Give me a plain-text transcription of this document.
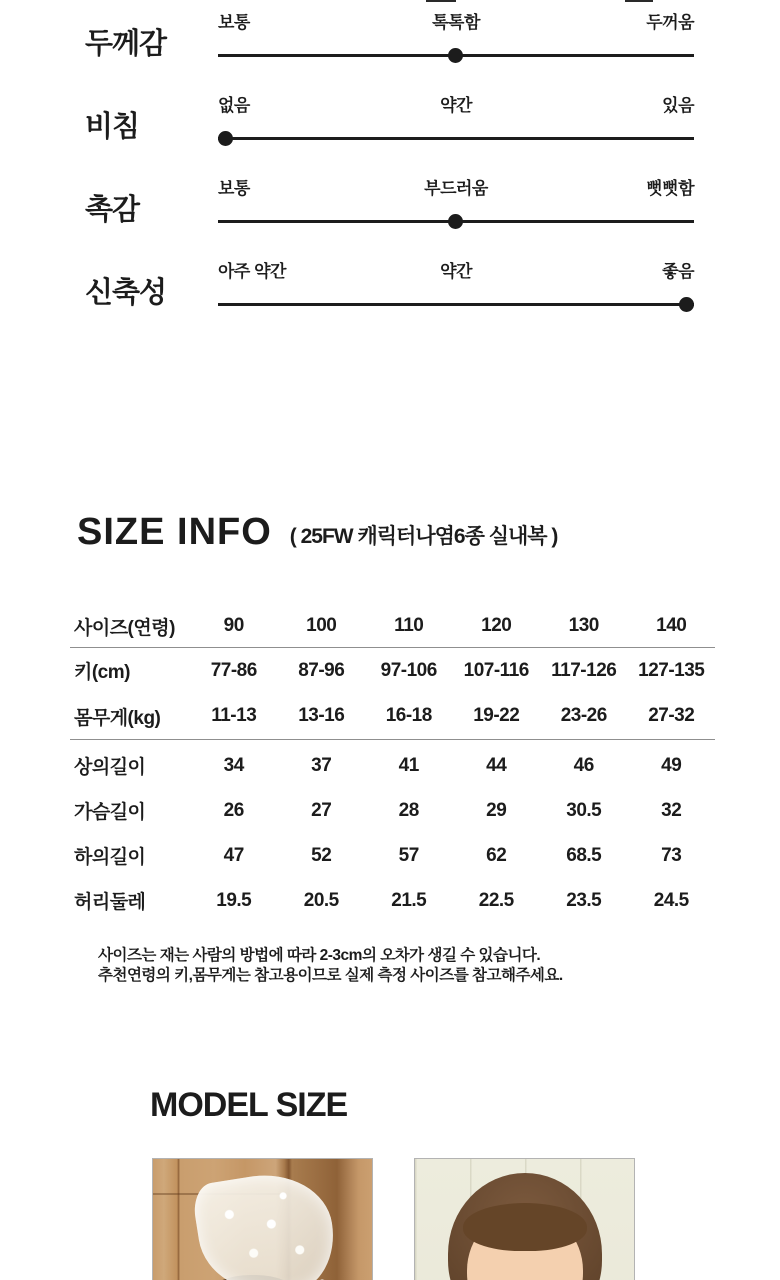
두께감
보통	톡톡함	두꺼움
비침
없음	약간	있음
촉감
보통	부드러움	뻣뻣함
신축성
아주 약간	약간	좋음
SIZE INFO ( 25FW 캐릭터나염6종 실내복 )
사이즈(연령)	90	100	110	120	130	140
키(cm)	77-86	87-96	97-106	107-116	117-126	127-135
몸무게(kg)	11-13	13-16	16-18	19-22	23-26	27-32
상의길이	34	37	41	44	46	49
가슴길이	26	27	28	29	30.5	32
하의길이	47	52	57	62	68.5	73
허리둘레	19.5	20.5	21.5	22.5	23.5	24.5
사이즈는 재는 사람의 방법에 따라 2-3cm의 오차가 생길 수 있습니다.
추천연령의 키,몸무게는 참고용이므로 실제 측정 사이즈를 참고해주세요.
MODEL SIZE
